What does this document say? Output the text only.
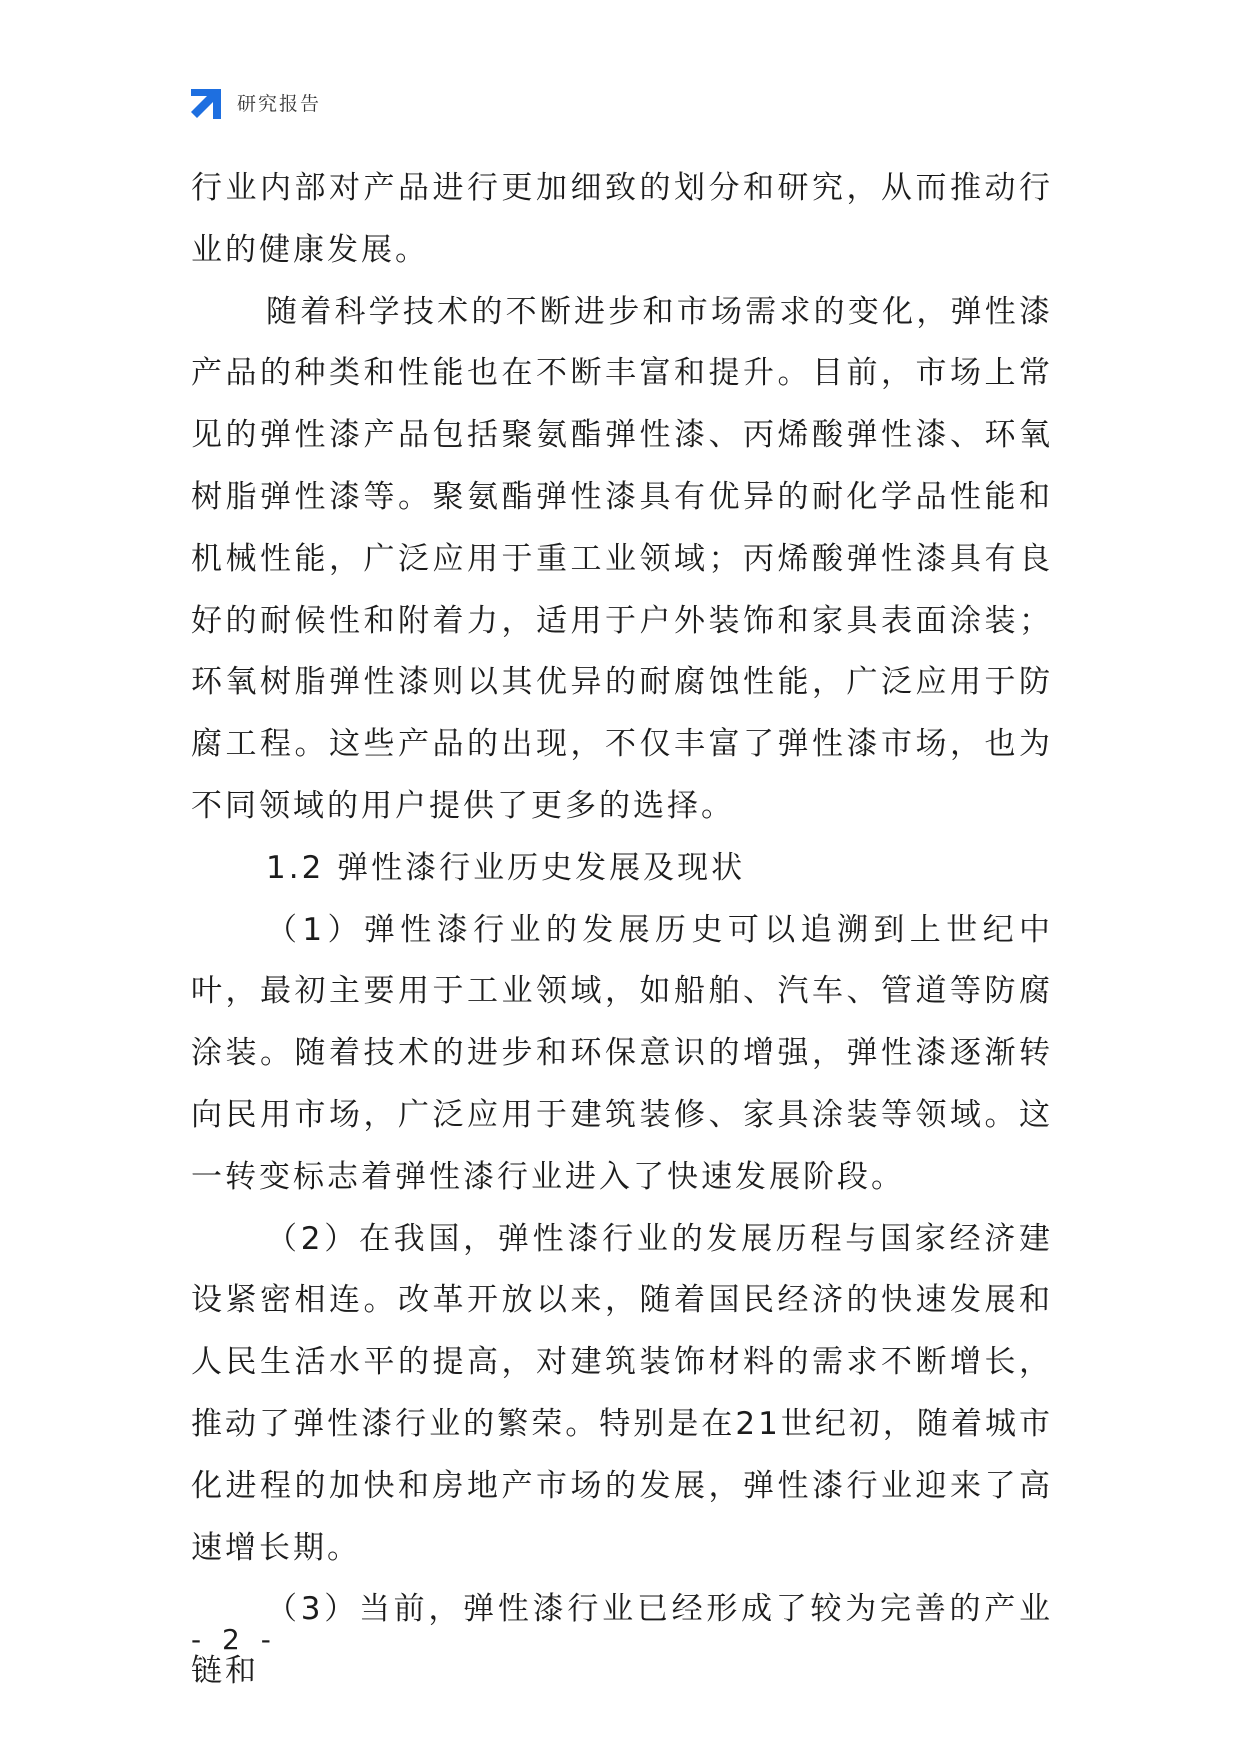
研究报告

行业内部对产品进行更加细致的划分和研究，从而推动行业的健康发展。

随着科学技术的不断进步和市场需求的变化，弹性漆产品的种类和性能也在不断丰富和提升。目前，市场上常见的弹性漆产品包括聚氨酯弹性漆、丙烯酸弹性漆、环氧树脂弹性漆等。聚氨酯弹性漆具有优异的耐化学品性能和机械性能，广泛应用于重工业领域；丙烯酸弹性漆具有良好的耐候性和附着力，适用于户外装饰和家具表面涂装；环氧树脂弹性漆则以其优异的耐腐蚀性能，广泛应用于防腐工程。这些产品的出现，不仅丰富了弹性漆市场，也为不同领域的用户提供了更多的选择。

1.2 弹性漆行业历史发展及现状

（1）弹性漆行业的发展历史可以追溯到上世纪中叶，最初主要用于工业领域，如船舶、汽车、管道等防腐涂装。随着技术的进步和环保意识的增强，弹性漆逐渐转向民用市场，广泛应用于建筑装修、家具涂装等领域。这一转变标志着弹性漆行业进入了快速发展阶段。

（2）在我国，弹性漆行业的发展历程与国家经济建设紧密相连。改革开放以来，随着国民经济的快速发展和人民生活水平的提高，对建筑装饰材料的需求不断增长，推动了弹性漆行业的繁荣。特别是在21世纪初，随着城市化进程的加快和房地产市场的发展，弹性漆行业迎来了高速增长期。

（3）当前，弹性漆行业已经形成了较为完善的产业链和

- 2 -
